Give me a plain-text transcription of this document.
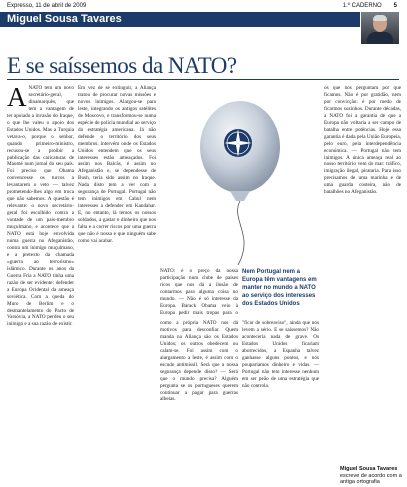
Expresso, 11 de abril de 2009	1.º CADERNO 5
Miguel Sousa Tavares
E se saíssemos da NATO?

ANATO tem um novo secretário-geral, dinamarquês, que tem a vantagem de ter apoiado a invasão do Iraque, o que lhe valeu o apoio dos Estados Unidos. Mas a Turquia vetava-o, porque o senhor, quando primeiro-ministro, recusou-se a proibir a publicação das caricaturas de Maomé num jornal do seu país. Foi preciso que Obama convencesse os turcos a levantarem o veto — talvez prometendo-lhes algo em troca que não sabemos. A questão é relevante: o novo secretário-geral foi escolhido contra a vontade de um país-membro muçulmano, e acontece que a NATO está hoje envolvida numa guerra no Afeganistão, contra um inimigo muçulmano, e a pretexto da chamada «guerra ao terrorismo» islâmico. Durante os anos da Guerra Fria a NATO tinha uma razão de ser evidente: defender a Europa Ocidental da ameaça soviética. Com a queda do Muro de Berlim e o desmantelamento do Pacto de Varsóvia, a NATO perdeu o seu inimigo e a sua razão de existir.

Em vez de se extinguir, a Aliança tratou de procurar novas missões e novos inimigos. Alargou-se para leste, integrando os antigos satélites de Moscovo, e transformou-se numa espécie de polícia mundial ao serviço da estratégia americana. Já não defende o território dos seus membros: intervém onde os Estados Unidos entendem que os seus interesses estão ameaçados. Foi assim nos Balcãs, é assim no Afeganistão e, se dependesse de Bush, teria sido assim no Iraque. Nada disto tem a ver com a segurança de Portugal. Portugal não tem inimigos em Cabul nem interesses a defender em Kandahar. E, no entanto, lá temos os nossos soldados, a gastar o dinheiro que nos falta e a correr riscos por uma guerra que não é nossa e que ninguém sabe como vai acabar.

os que nos perguntam por que ficamos. Não é por gratidão, nem por convicção: é por medo de ficarmos sozinhos. Durante décadas, a NATO foi a garantia de que a Europa não voltaria a ser campo de batalha entre potências. Hoje essa garantia é dada pela União Europeia, pelo euro, pela interdependência económica. — Portugal não tem inimigos. A única ameaça real ao nosso território vem do mar: tráfico, imigração ilegal, pirataria. Para isso precisamos de uma marinha e de uma guarda costeira, não de batalhões no Afeganistão.

Nem Portugal nem a Europa têm vantagens em manter no mundo a NATO ao serviço dos interesses dos Estados Unidos

como a própria NATO nos dá motivos para desconfiar. Quem manda na Aliança são os Estados Unidos; os outros obedecem ou calam-se. Foi assim com o alargamento a leste, é assim com o escudo antimíssil. Será que a nossa segurança depende disso? — Será que o mundo precisa? Alguém pergunta se os portugueses querem continuar a pagar para guerras alheias.

"ficar de sobreaviso", ainda que nos levem a sério. E se saíssemos? Não aconteceria nada de grave. Os Estados Unidos ficariam aborrecidos, a Espanha talvez ganhasse alguns pontos, e nós pouparíamos dinheiro e vidas. — Portugal não tem interesse nenhum em ser peão de uma estratégia que não controla.

NATO: é o preço da nossa participação num clube de países ricos que nos dá a ilusão de contarmos para alguma coisa no mundo. — Não é só interesse da Europa. Barack Obama veio à Europa pedir mais tropas para o

Miguel Sousa Tavares
escreve de acordo com a antiga ortografia
